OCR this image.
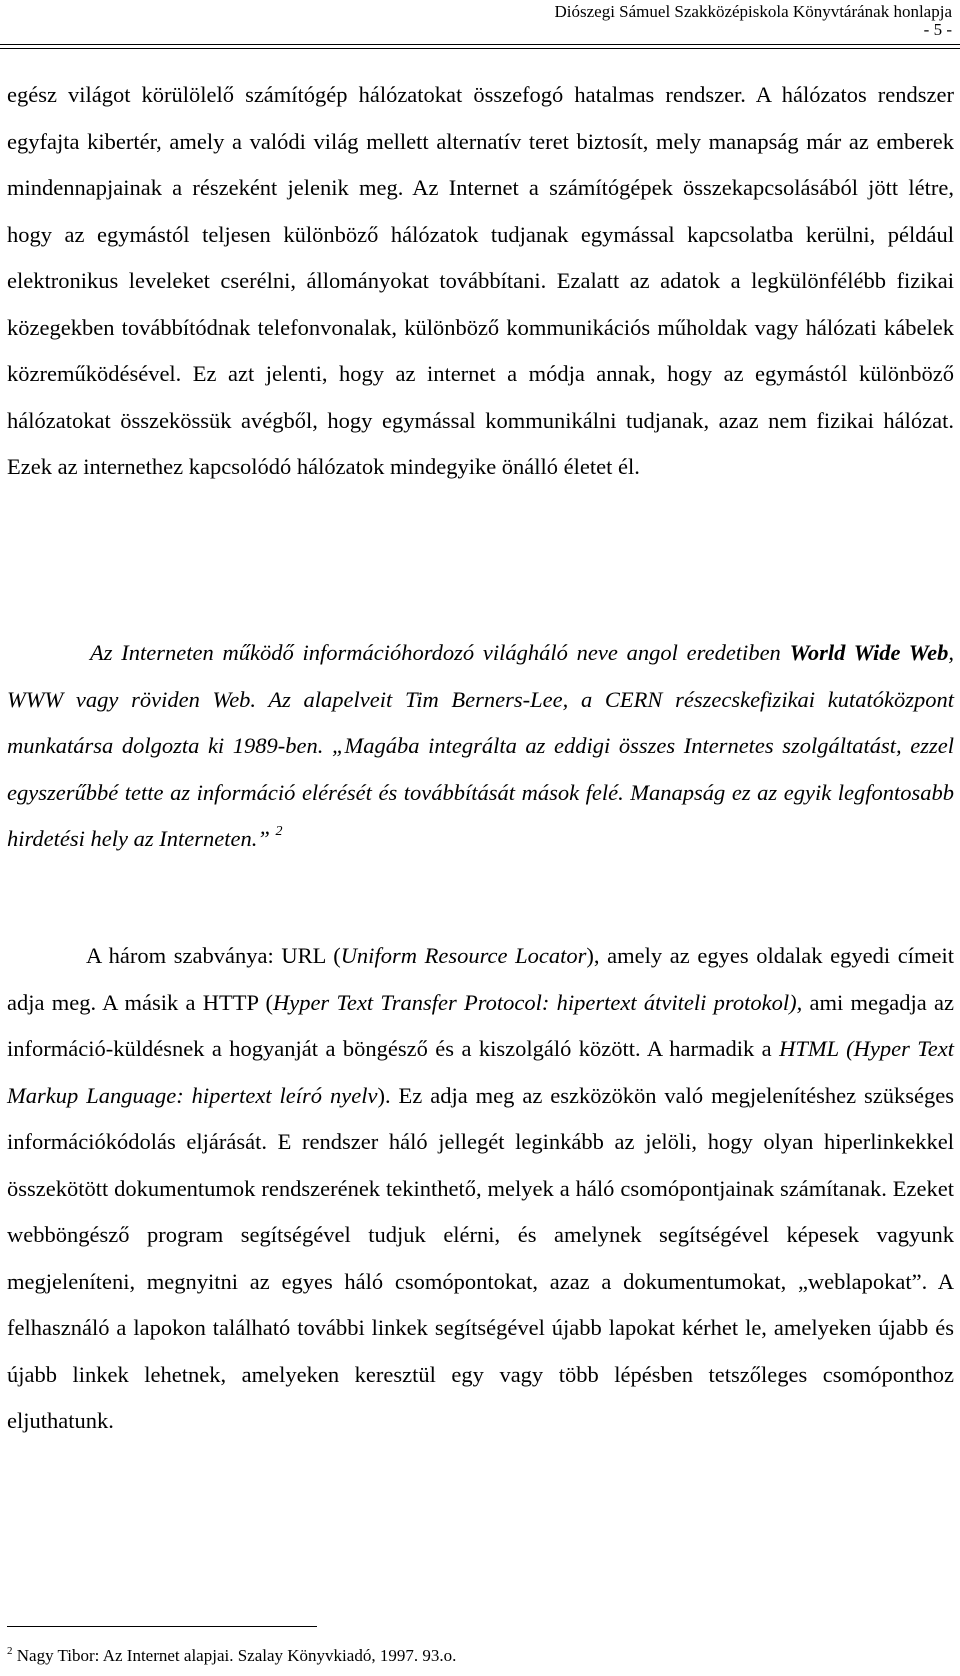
Diószegi Sámuel Szakközépiskola Könyvtárának honlapja
- 5 -

egész világot körülölelő számítógép hálózatokat összefogó hatalmas rendszer. A hálózatos rendszer egyfajta kibertér, amely a valódi világ mellett alternatív teret biztosít, mely manapság már az emberek mindennapjainak a részeként jelenik meg. Az Internet a számítógépek összekapcsolásából jött létre, hogy az egymástól teljesen különböző hálózatok tudjanak egymással kapcsolatba kerülni, például elektronikus leveleket cserélni, állományokat továbbítani. Ezalatt az adatok a legkülönfélébb fizikai közegekben továbbítódnak telefonvonalak, különböző kommunikációs műholdak vagy hálózati kábelek közreműködésével. Ez azt jelenti, hogy az internet a módja annak, hogy az egymástól különböző hálózatokat összekössük avégből, hogy egymással kommunikálni tudjanak, azaz nem fizikai hálózat. Ezek az internethez kapcsolódó hálózatok mindegyike önálló életet él.

Az Interneten működő információhordozó világháló neve angol eredetiben World Wide Web, WWW vagy röviden Web. Az alapelveit Tim Berners-Lee, a CERN részecskefizikai kutatóközpont munkatársa dolgozta ki 1989-ben. „Magába integrálta az eddigi összes Internetes szolgáltatást, ezzel egyszerűbbé tette az információ elérését és továbbítását mások felé. Manapság ez az egyik legfontosabb hirdetési hely az Interneten.” $^2$

A három szabványa: URL (Uniform Resource Locator), amely az egyes oldalak egyedi címeit adja meg. A másik a HTTP (Hyper Text Transfer Protocol: hipertext átviteli protokol), ami megadja az információ-küldésnek a hogyanját a böngésző és a kiszolgáló között. A harmadik a HTML (Hyper Text Markup Language: hipertext leíró nyelv). Ez adja meg az eszközökön való megjelenítéshez szükséges információkódolás eljárását. E rendszer háló jellegét leginkább az jelöli, hogy olyan hiperlinkekkel összekötött dokumentumok rendszerének tekinthető, melyek a háló csomópontjainak számítanak. Ezeket webböngésző program segítségével tudjuk elérni, és amelynek segítségével képesek vagyunk megjeleníteni, megnyitni az egyes háló csomópontokat, azaz a dokumentumokat, „weblapokat”. A felhasználó a lapokon található további linkek segítségével újabb lapokat kérhet le, amelyeken újabb és újabb linkek lehetnek, amelyeken keresztül egy vagy több lépésben tetszőleges csomóponthoz eljuthatunk.

$^2$ Nagy Tibor: Az Internet alapjai. Szalay Könyvkiadó, 1997. 93.o.
